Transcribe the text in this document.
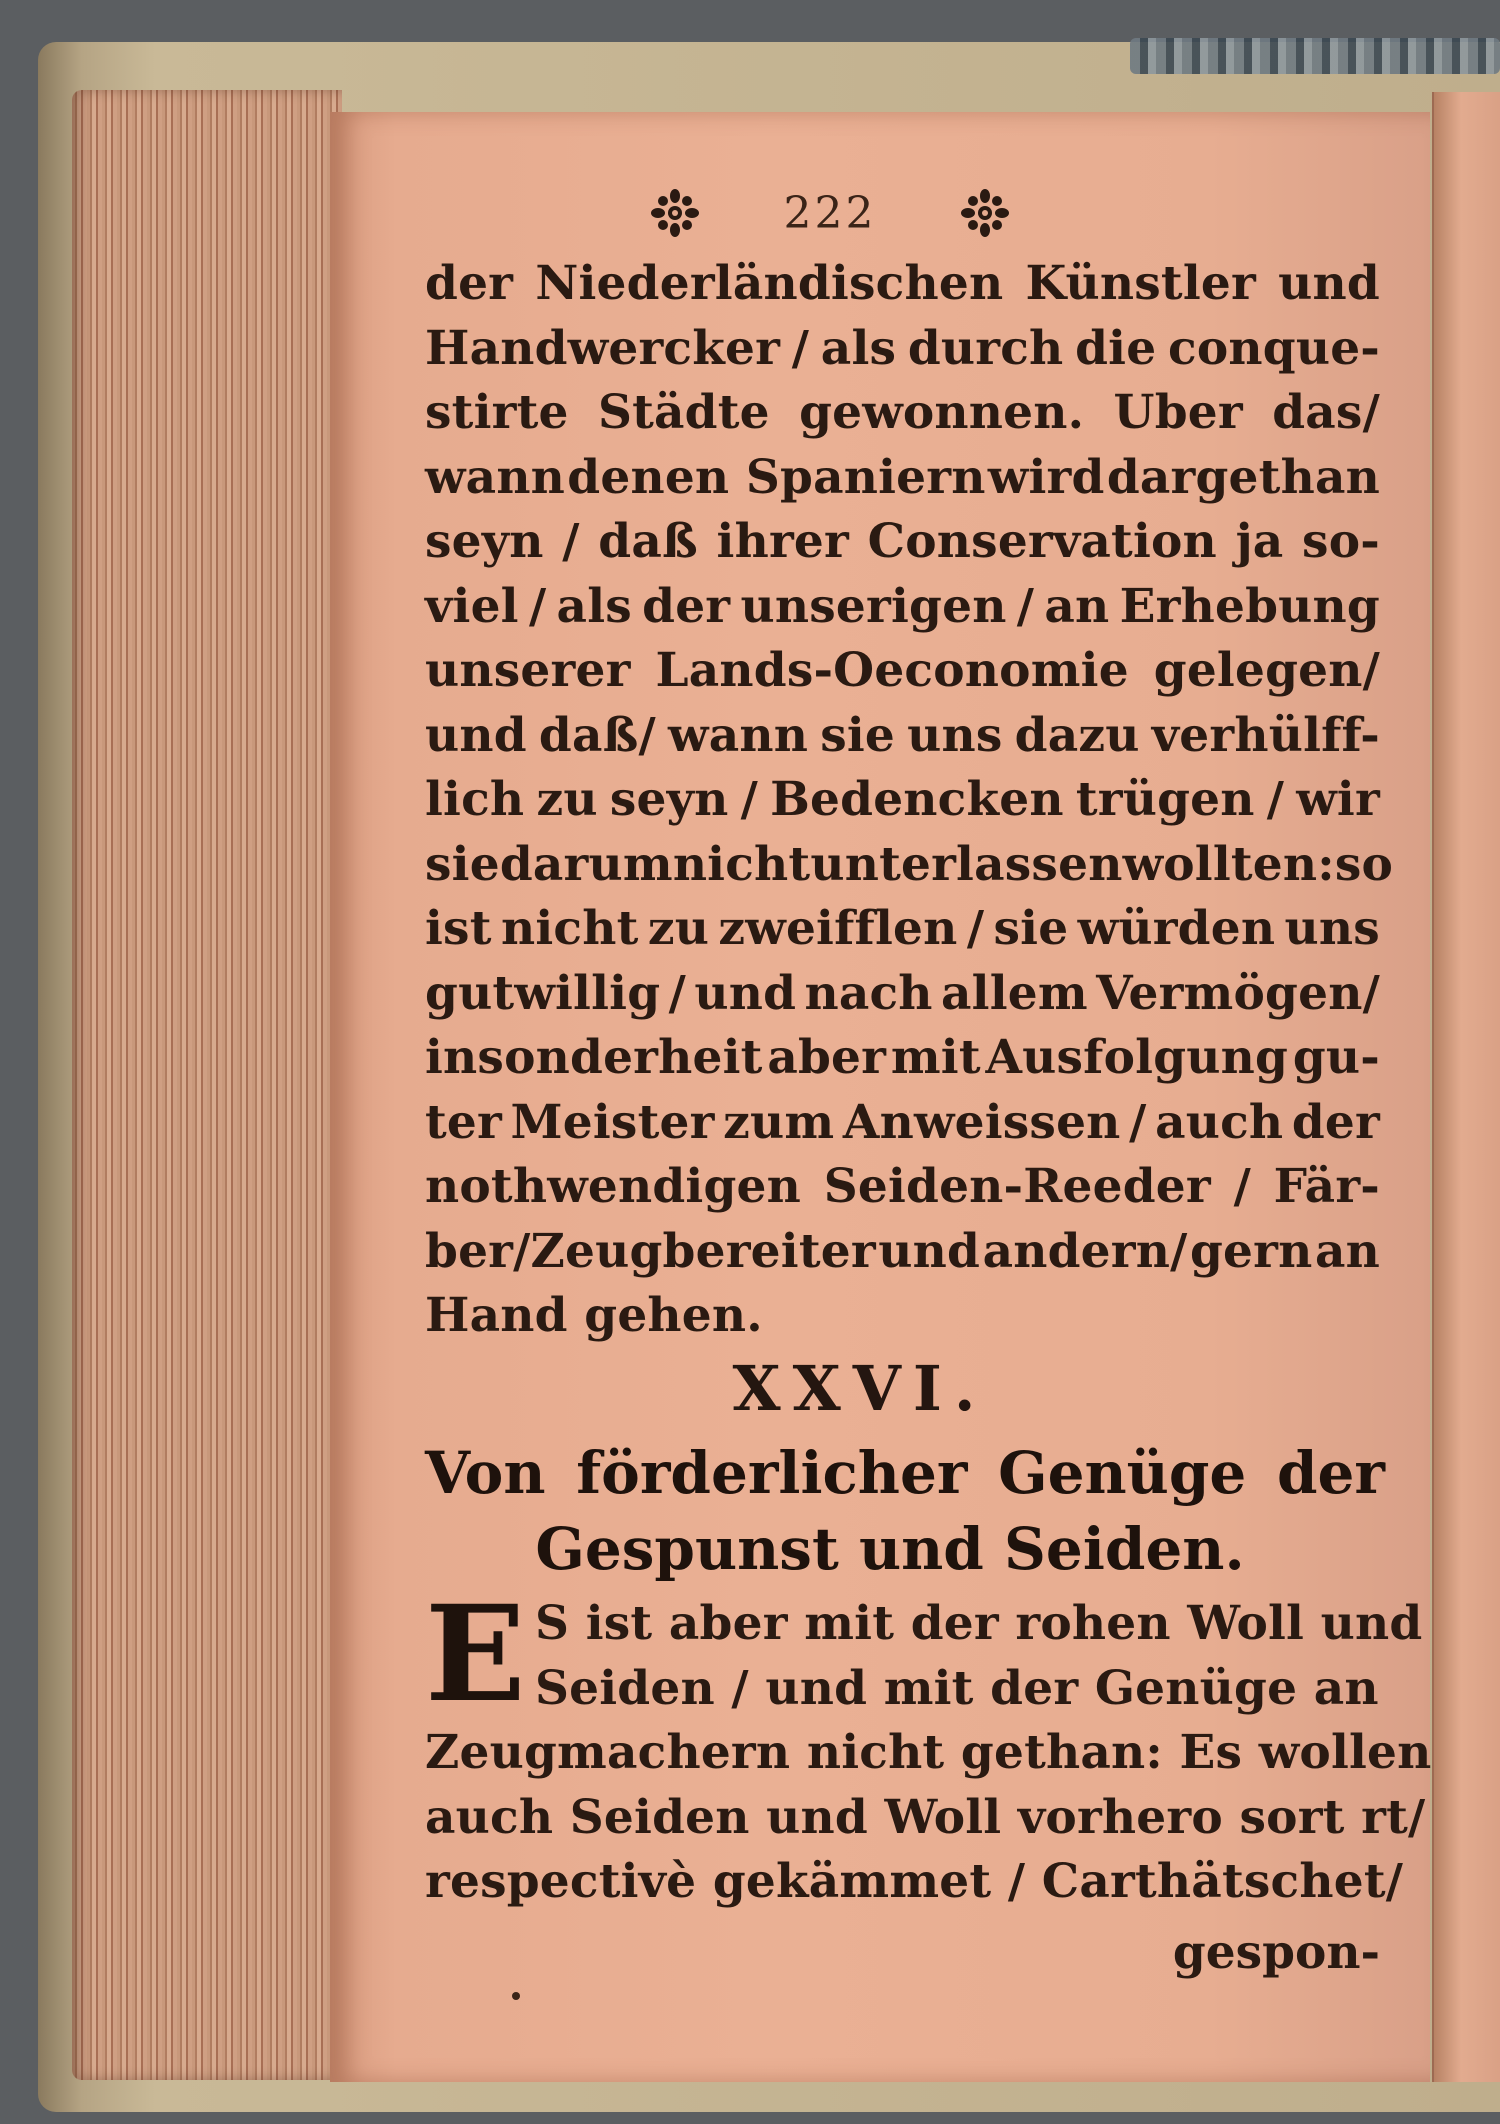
222
der Niederländischen Künstler und
Handwercker / als durch die conque-
stirte Städte gewonnen. Uber das/
wann denen Spaniern wird dargethan
seyn / daß ihrer Conservation ja so-
viel / als der unserigen / an Erhebung
unserer Lands-Oeconomie gelegen/
und daß/ wann sie uns dazu verhülff-
lich zu seyn / Bedencken trügen / wir
sie darum nicht unterlassen wollten : so
ist nicht zu zweifflen / sie würden uns
gutwillig / und nach allem Vermögen/
insonderheit aber mit Ausfolgung gu-
ter Meister zum Anweissen / auch der
nothwendigen Seiden-Reeder / Fär-
ber/Zeugbereiter und andern/ gern an
Hand gehen.
XXVI.
Von förderlicher Genüge der
Gespunst und Seiden.
E S ist aber mit der rohen Woll und
Seiden / und mit der Genüge an
Zeugmachern nicht gethan: Es wollen
auch Seiden und Woll vorhero sort rt/
respectivè gekämmet / Carthätschet/
gespon-
